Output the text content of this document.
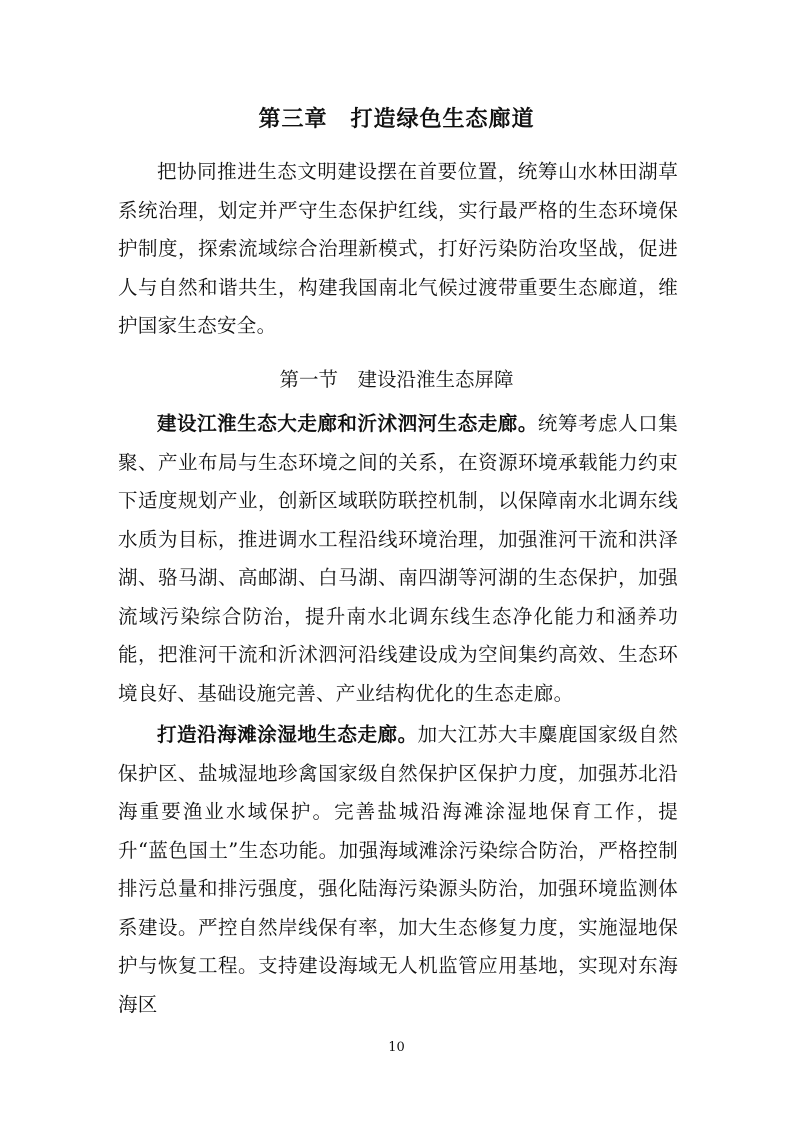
第三章　打造绿色生态廊道

把协同推进生态文明建设摆在首要位置，统筹山水林田湖草系统治理，划定并严守生态保护红线，实行最严格的生态环境保护制度，探索流域综合治理新模式，打好污染防治攻坚战，促进人与自然和谐共生，构建我国南北气候过渡带重要生态廊道，维护国家生态安全。

第一节　建设沿淮生态屏障

建设江淮生态大走廊和沂沭泗河生态走廊。统筹考虑人口集聚、产业布局与生态环境之间的关系，在资源环境承载能力约束下适度规划产业，创新区域联防联控机制，以保障南水北调东线水质为目标，推进调水工程沿线环境治理，加强淮河干流和洪泽湖、骆马湖、高邮湖、白马湖、南四湖等河湖的生态保护，加强流域污染综合防治，提升南水北调东线生态净化能力和涵养功能，把淮河干流和沂沭泗河沿线建设成为空间集约高效、生态环境良好、基础设施完善、产业结构优化的生态走廊。

打造沿海滩涂湿地生态走廊。加大江苏大丰麋鹿国家级自然保护区、盐城湿地珍禽国家级自然保护区保护力度，加强苏北沿海重要渔业水域保护。完善盐城沿海滩涂湿地保育工作，提升“蓝色国土”生态功能。加强海域滩涂污染综合防治，严格控制排污总量和排污强度，强化陆海污染源头防治，加强环境监测体系建设。严控自然岸线保有率，加大生态修复力度，实施湿地保护与恢复工程。支持建设海域无人机监管应用基地，实现对东海海区

10
